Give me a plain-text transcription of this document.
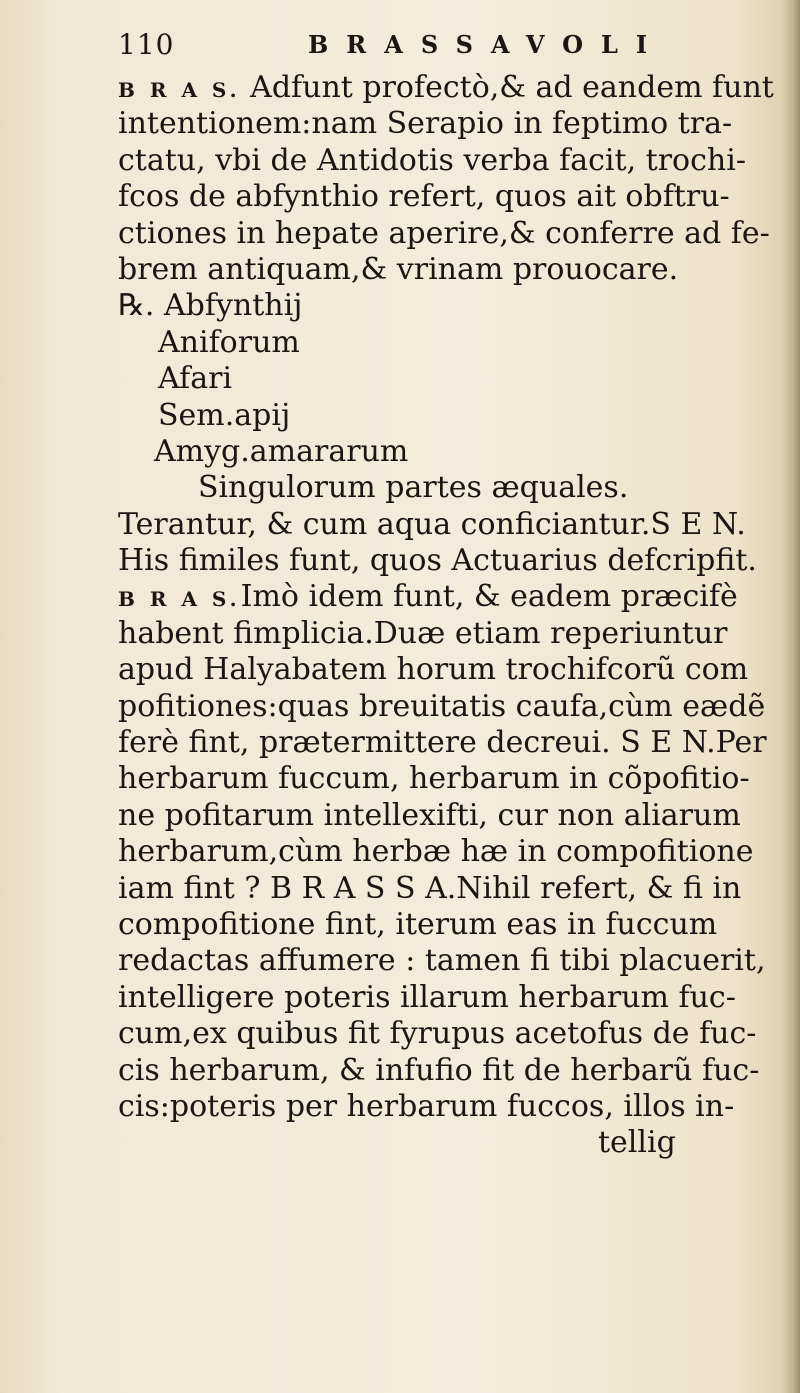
110	BRASSAVOLI
B R A S. Adfunt profectò,& ad eandem funt
intentionem:nam Serapio in feptimo tra-
ctatu, vbi de Antidotis verba facit, trochi-
fcos de abfynthio refert, quos ait obftru-
ctiones in hepate aperire,& conferre ad fe-
brem antiquam,& vrinam prouocare.
℞. Abfynthij
Aniforum
Afari
Sem.apij
Amyg.amararum
Singulorum partes æquales.
Terantur, & cum aqua conficiantur.S E N.
His fimiles funt, quos Actuarius defcripfit.
B R A S.Imò idem funt, & eadem præcifè
habent fimplicia.Duæ etiam reperiuntur
apud Halyabatem horum trochifcorũ com
pofitiones:quas breuitatis caufa,cùm eædẽ
ferè fint, prætermittere decreui. S E N.Per
herbarum fuccum, herbarum in cõpofitio-
ne pofitarum intellexifti, cur non aliarum
herbarum,cùm herbæ hæ in compofitione
iam fint ? B R A S S A.Nihil refert, & fi in
compofitione fint, iterum eas in fuccum
redactas affumere : tamen fi tibi placuerit,
intelligere poteris illarum herbarum fuc-
cum,ex quibus fit fyrupus acetofus de fuc-
cis herbarum, & infufio fit de herbarũ fuc-
cis:poteris per herbarum fuccos, illos in-
tellig
